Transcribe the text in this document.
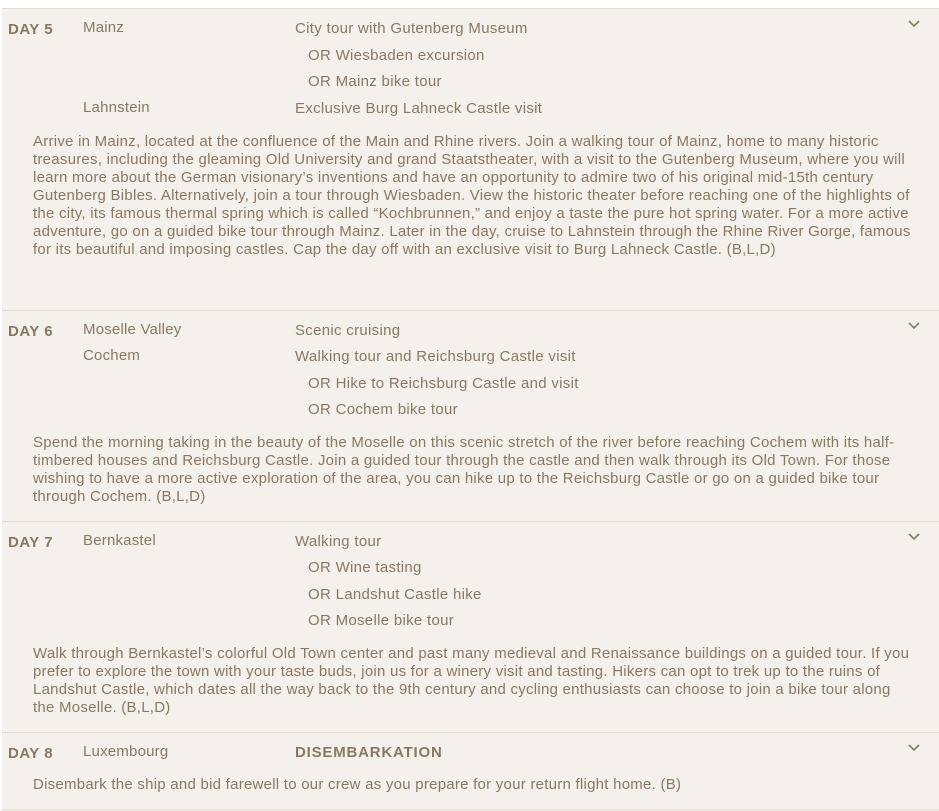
DAY 5 Mainz
Lahnstein
City tour with Gutenberg Museum
OR Wiesbaden excursion
OR Mainz bike tour
Exclusive Burg Lahneck Castle visit

Arrive in Mainz, located at the confluence of the Main and Rhine rivers. Join a walking tour of Mainz, home to many historic treasures, including the gleaming Old University and grand Staatstheater, with a visit to the Gutenberg Museum, where you will learn more about the German visionary’s inventions and have an opportunity to admire two of his original mid-15th century Gutenberg Bibles. Alternatively, join a tour through Wiesbaden. View the historic theater before reaching one of the highlights of the city, its famous thermal spring which is called “Kochbrunnen,” and enjoy a taste the pure hot spring water. For a more active adventure, go on a guided bike tour through Mainz. Later in the day, cruise to Lahnstein through the Rhine River Gorge, famous for its beautiful and imposing castles. Cap the day off with an exclusive visit to Burg Lahneck Castle. (B,L,D)

DAY 6 Moselle Valley
Cochem
Scenic cruising
Walking tour and Reichsburg Castle visit
OR Hike to Reichsburg Castle and visit
OR Cochem bike tour

Spend the morning taking in the beauty of the Moselle on this scenic stretch of the river before reaching Cochem with its half-timbered houses and Reichsburg Castle. Join a guided tour through the castle and then walk through its Old Town. For those wishing to have a more active exploration of the area, you can hike up to the Reichsburg Castle or go on a guided bike tour through Cochem. (B,L,D)

DAY 7 Bernkastel	Walking tour
OR Wine tasting
OR Landshut Castle hike
OR Moselle bike tour

Walk through Bernkastel’s colorful Old Town center and past many medieval and Renaissance buildings on a guided tour. If you prefer to explore the town with your taste buds, join us for a winery visit and tasting. Hikers can opt to trek up to the ruins of Landshut Castle, which dates all the way back to the 9th century and cycling enthusiasts can choose to join a bike tour along the Moselle. (B,L,D)

DAY 8 Luxembourg	DISEMBARKATION

Disembark the ship and bid farewell to our crew as you prepare for your return flight home. (B)
